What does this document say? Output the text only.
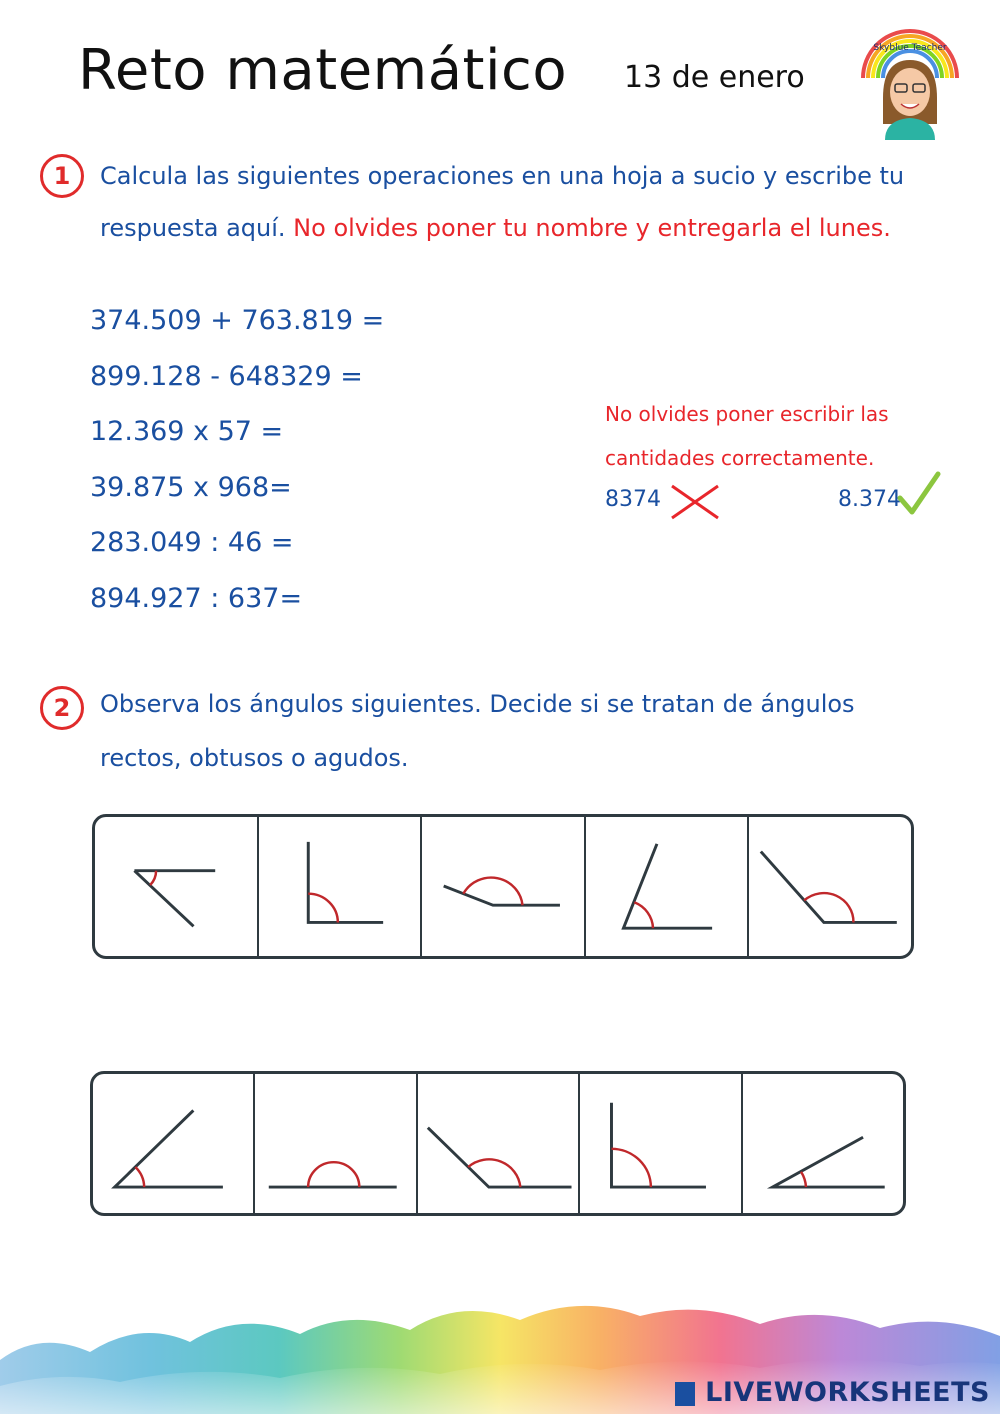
Reto matemático 13 de enero
Skyblue Teacher
1	Calcula las siguientes operaciones en una hoja a sucio y escribe tu
respuesta aquí. No olvides poner tu nombre y entregarla el lunes.
374.509 + 763.819 =
899.128 - 648329 =
12.369 x 57 =
39.875 x 968=
283.049 : 46 =
894.927 : 637=
No olvides poner escribir las
cantidades correctamente.
8374	8.374
2	Observa los ángulos siguientes. Decide si se tratan de ángulos
rectos, obtusos o agudos.
LIVEWORKSHEETS
